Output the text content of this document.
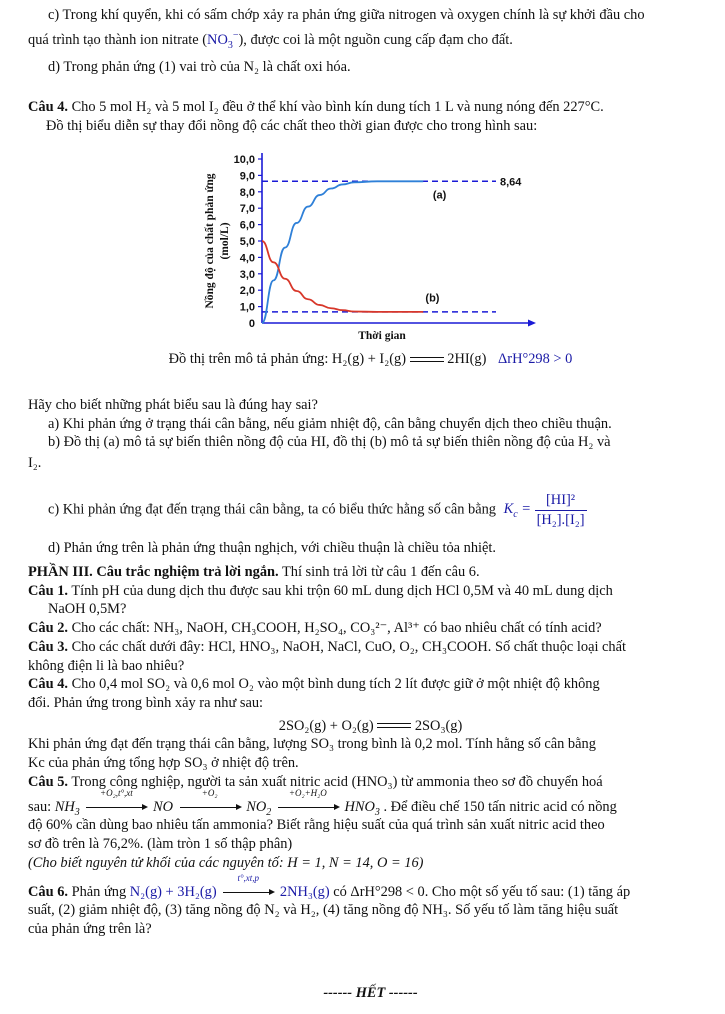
c) Trong khí quyển, khi có sấm chớp xảy ra phản ứng giữa nitrogen và oxygen chính là sự khởi đầu cho

quá trình tạo thành ion nitrate $(NO_3^-)$, được coi là một nguồn cung cấp đạm cho đất.

d) Trong phản ứng (1) vai trò của N₂ là chất oxi hóa.

Câu 4. Cho 5 mol H₂ và 5 mol I₂ đều ở thể khí vào bình kín dung tích 1 L và nung nóng đến 227°C.

Đồ thị biểu diễn sự thay đổi nồng độ các chất theo thời gian được cho trong hình sau:

10,0
9,0
8,0
7,0
6,0
5,0
4,0
3,0
2,0
1,0
0
Nồng độ của chất phản ứng (mol/L)
Thời gian
8,64
(a)
(b)
Đồ thị trên mô tả phản ứng: H₂(g) + I₂(g)	2HI(g) ΔrH°298 > 0

Hãy cho biết những phát biểu sau là đúng hay sai?

a) Khi phản ứng ở trạng thái cân bằng, nếu giảm nhiệt độ, cân bằng chuyển dịch theo chiều thuận.

b) Đồ thị (a) mô tả sự biến thiên nồng độ của HI, đồ thị (b) mô tả sự biến thiên nồng độ của H₂ và

I₂.

c) Khi phản ứng đạt đến trạng thái cân bằng, ta có biểu thức hằng số cân bằng $K_c = \frac{\text{[HI]²}}{\text{[H₂].[I₂]}}$

d) Phản ứng trên là phản ứng thuận nghịch, với chiều thuận là chiều tỏa nhiệt.

PHẦN III. Câu trắc nghiệm trả lời ngắn. Thí sinh trả lời từ câu 1 đến câu 6.

Câu 1. Tính pH của dung dịch thu được sau khi trộn 60 mL dung dịch HCl 0,5M và 40 mL dung dịch

NaOH 0,5M?

Câu 2. Cho các chất: NH₃, NaOH, CH₃COOH, H₂SO₄, CO₃²⁻, Al³⁺ có bao nhiêu chất có tính acid?

Câu 3. Cho các chất dưới đây: HCl, HNO₃, NaOH, NaCl, CuO, O₂, CH₃COOH. Số chất thuộc loại chất

không điện li là bao nhiêu?

Câu 4. Cho 0,4 mol SO₂ và 0,6 mol O₂ vào một bình dung tích 2 lít được giữ ở một nhiệt độ không

đổi. Phản ứng trong bình xảy ra như sau:

2SO₂(g) + O₂(g)	2SO₃(g)

Khi phản ứng đạt đến trạng thái cân bằng, lượng SO₃ trong bình là 0,2 mol. Tính hằng số cân bằng

Kc của phản ứng tổng hợp SO₃ ở nhiệt độ trên.

Câu 5. Trong công nghiệp, người ta sản xuất nitric acid (HNO₃) từ ammonia theo sơ đồ chuyển hoá

sau: $NH_3$
+O₂,t°,xt
NO
+O₂
$NO_2$
+O₂+H₂O
$HNO_3$ . Để điều chế 150 tấn nitric acid có nồng

độ 60% cần dùng bao nhiêu tấn ammonia? Biết rằng hiệu suất của quá trình sản xuất nitric acid theo

sơ đồ trên là 76,2%. (làm tròn 1 số thập phân)

(Cho biết nguyên tử khối của các nguyên tố: H = 1, N = 14, O = 16)

Câu 6. Phản ứng N₂(g) + 3H₂(g)
t°,xt,p
2NH₃(g) có ΔrH°298 < 0. Cho một số yếu tố sau: (1) tăng áp

suất, (2) giảm nhiệt độ, (3) tăng nồng độ N₂ và H₂, (4) tăng nồng độ NH₃. Số yếu tố làm tăng hiệu suất

của phản ứng trên là?

------ HẾT ------
